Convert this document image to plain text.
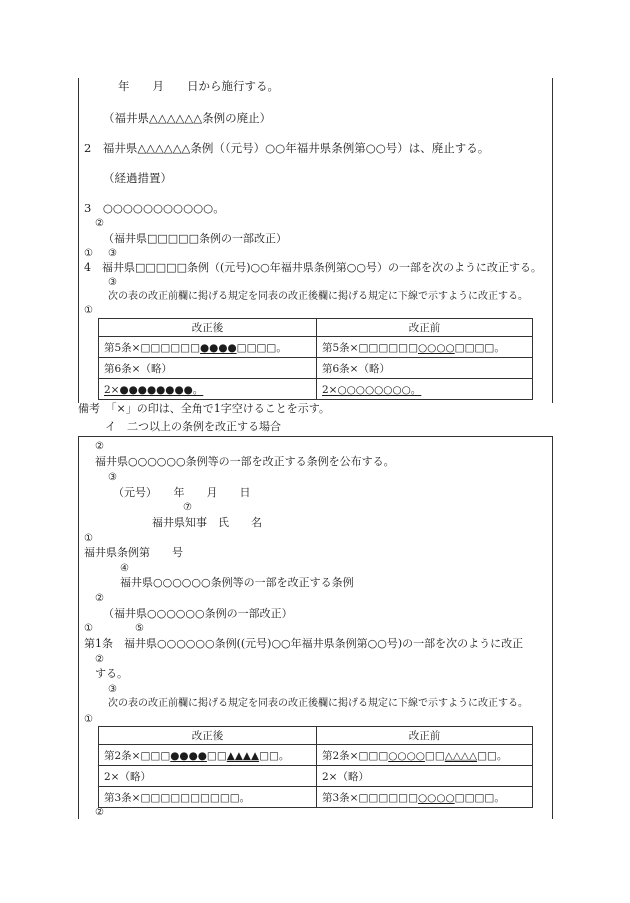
年　　月　　日から施行する。
（福井県△△△△△△条例の廃止）
2　福井県△△△△△△条例（（元号）○○年福井県条例第○○号）は、廃止する。
（経過措置）
3　○○○○○○○○○○○。
②
（福井県□□□□□条例の一部改正）
① ③
4　福井県□□□□□条例（(元号)○○年福井県条例第○○号）の一部を次のように改正する。
③
次の表の改正前欄に掲げる規定を同表の改正後欄に掲げる規定に下線で示すように改正する。
①
改正後	改正前
第5条×□□□□□□●●●●□□□□。	第5条×□□□□□□○○○○□□□□。
第6条×（略）	第6条×（略）
2×●●●●●●●●。	2×○○○○○○○○。
備考　「×」の印は、全角で1字空けることを示す。
イ　二つ以上の条例を改正する場合
②
福井県○○○○○○条例等の一部を改正する条例を公布する。
③
（元号）　　年　　月　　日
⑦
福井県知事　氏　　名
①
福井県条例第　　号
④
福井県○○○○○○条例等の一部を改正する条例
②
（福井県○○○○○○条例の一部改正）
①	⑤
第1条　福井県○○○○○○条例((元号)○○年福井県条例第○○号)の一部を次のように改正
②
する。
③
次の表の改正前欄に掲げる規定を同表の改正後欄に掲げる規定に下線で示すように改正する。
①
改正後	改正前
第2条×□□□●●●●□□▲▲▲▲□□。	第2条×□□□○○○○□□△△△△□□。
2×（略）	2×（略）
第3条×□□□□□□□□□□。	第3条×□□□□□□○○○○□□□□。
②
